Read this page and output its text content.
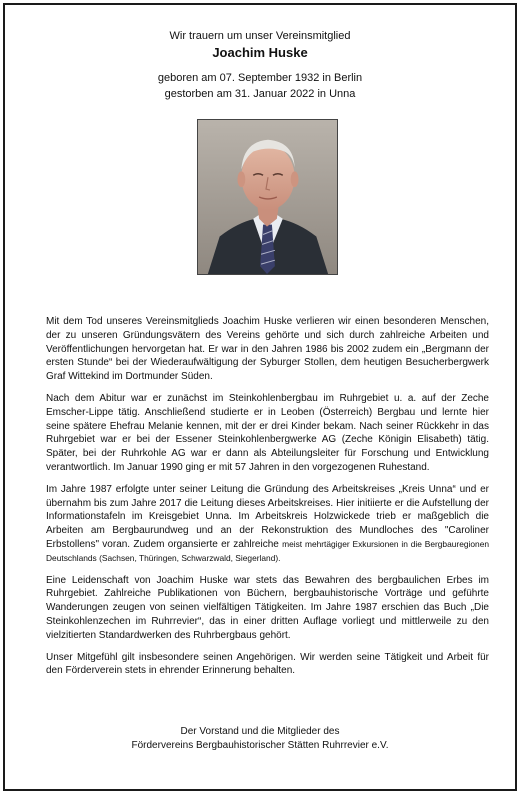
Wir trauern um unser Vereinsmitglied
Joachim Huske
geboren am 07. September 1932 in Berlin
gestorben am 31. Januar 2022 in Unna

Mit dem Tod unseres Vereinsmitglieds Joachim Huske verlieren wir einen besonderen Menschen, der zu unseren Gründungsvätern des Vereins gehörte und sich durch zahlreiche Arbeiten und Veröffentlichungen hervorgetan hat. Er war in den Jahren 1986 bis 2002 zudem ein „Bergmann der ersten Stunde“ bei der Wiederaufwältigung der Syburger Stollen, dem heutigen Besucherbergwerk Graf Wittekind im Dortmunder Süden.

Nach dem Abitur war er zunächst im Steinkohlenbergbau im Ruhrgebiet u. a. auf der Zeche Emscher-Lippe tätig. Anschließend studierte er in Leoben (Österreich) Bergbau und lernte hier seine spätere Ehefrau Melanie kennen, mit der er drei Kinder bekam. Nach seiner Rückkehr in das Ruhrgebiet war er bei der Essener Steinkohlenbergwerke AG (Zeche Königin Elisabeth) tätig. Später, bei der Ruhrkohle AG war er dann als Abteilungsleiter für Forschung und Entwicklung verantwortlich. Im Januar 1990 ging er mit 57 Jahren in den vorgezogenen Ruhestand.

Im Jahre 1987 erfolgte unter seiner Leitung die Gründung des Arbeitskreises „Kreis Unna“ und er übernahm bis zum Jahre 2017 die Leitung dieses Arbeitskreises. Hier initiierte er die Aufstellung der Informationstafeln im Kreisgebiet Unna. Im Arbeitskreis Holzwickede trieb er maßgeblich die Arbeiten am Bergbaurundweg und an der Rekonstruktion des Mundloches des "Caroliner Erbstollens" voran. Zudem organsierte er zahlreiche meist mehrtägiger Exkursionen in die Bergbauregionen Deutschlands (Sachsen, Thüringen, Schwarzwald, Siegerland).

Eine Leidenschaft von Joachim Huske war stets das Bewahren des bergbaulichen Erbes im Ruhrgebiet. Zahlreiche Publikationen von Büchern, bergbauhistorische Vorträge und geführte Wanderungen zeugen von seinen vielfältigen Tätigkeiten. Im Jahre 1987 erschien das Buch „Die Steinkohlenzechen im Ruhrrevier“, das in einer dritten Auflage vorliegt und mittlerweile zu den vielzitierten Standardwerken des Ruhrbergbaus gehört.

Unser Mitgefühl gilt insbesondere seinen Angehörigen. Wir werden seine Tätigkeit und Arbeit für den Förderverein stets in ehrender Erinnerung behalten.

Der Vorstand und die Mitglieder des
Fördervereins Bergbauhistorischer Stätten Ruhrrevier e.V.
